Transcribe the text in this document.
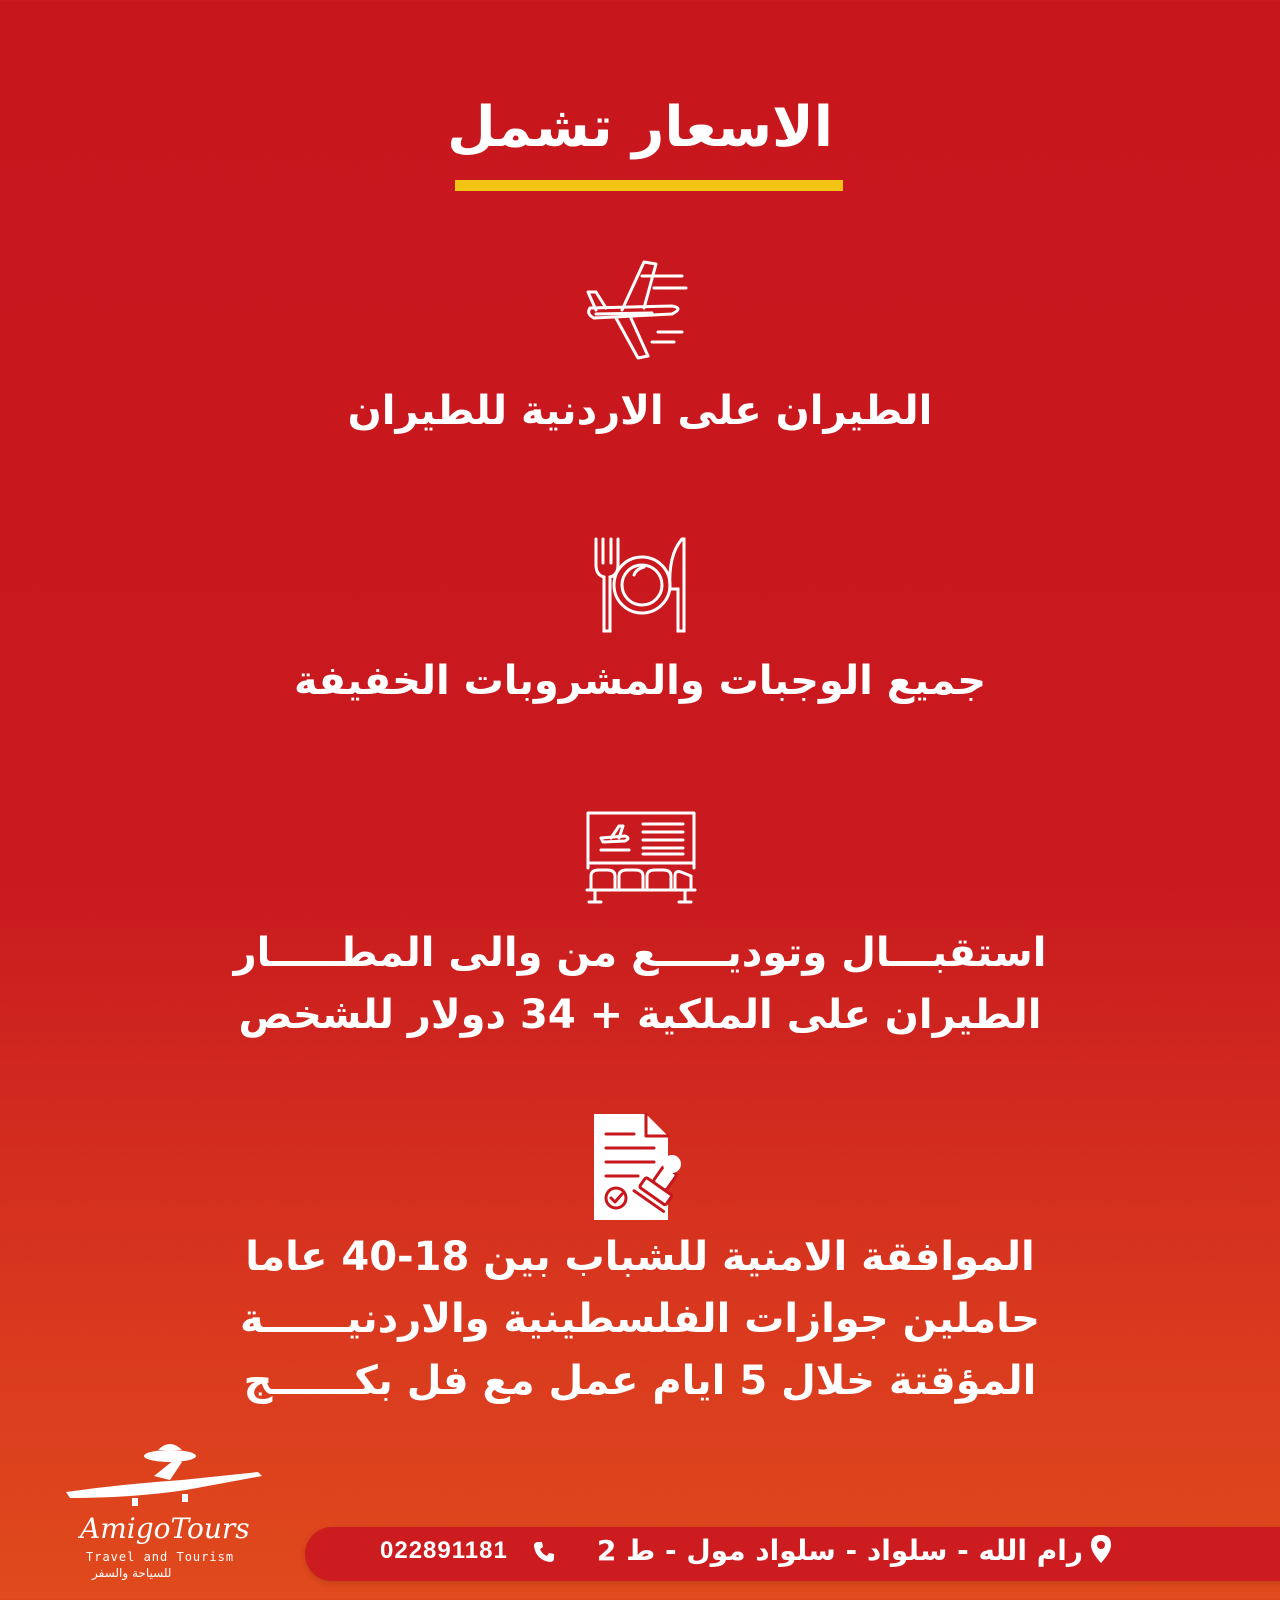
الاسعار تشمل
الطيران على الاردنية للطيران
جميع الوجبات والمشروبات الخفيفة
استقبـــال وتوديـــــع من والى المطـــــار
الطيران على الملكية + 34 دولار للشخص
الموافقة الامنية للشباب بين 18-40 عاما
حاملين جوازات الفلسطينية والاردنيــــــة
المؤقتة خلال 5 ايام عمل مع فل بكــــــج
AmigoTours
Travel and Tourism
للسياحة والسفر
022891181	رام الله - سلواد - سلواد مول - ط 2
